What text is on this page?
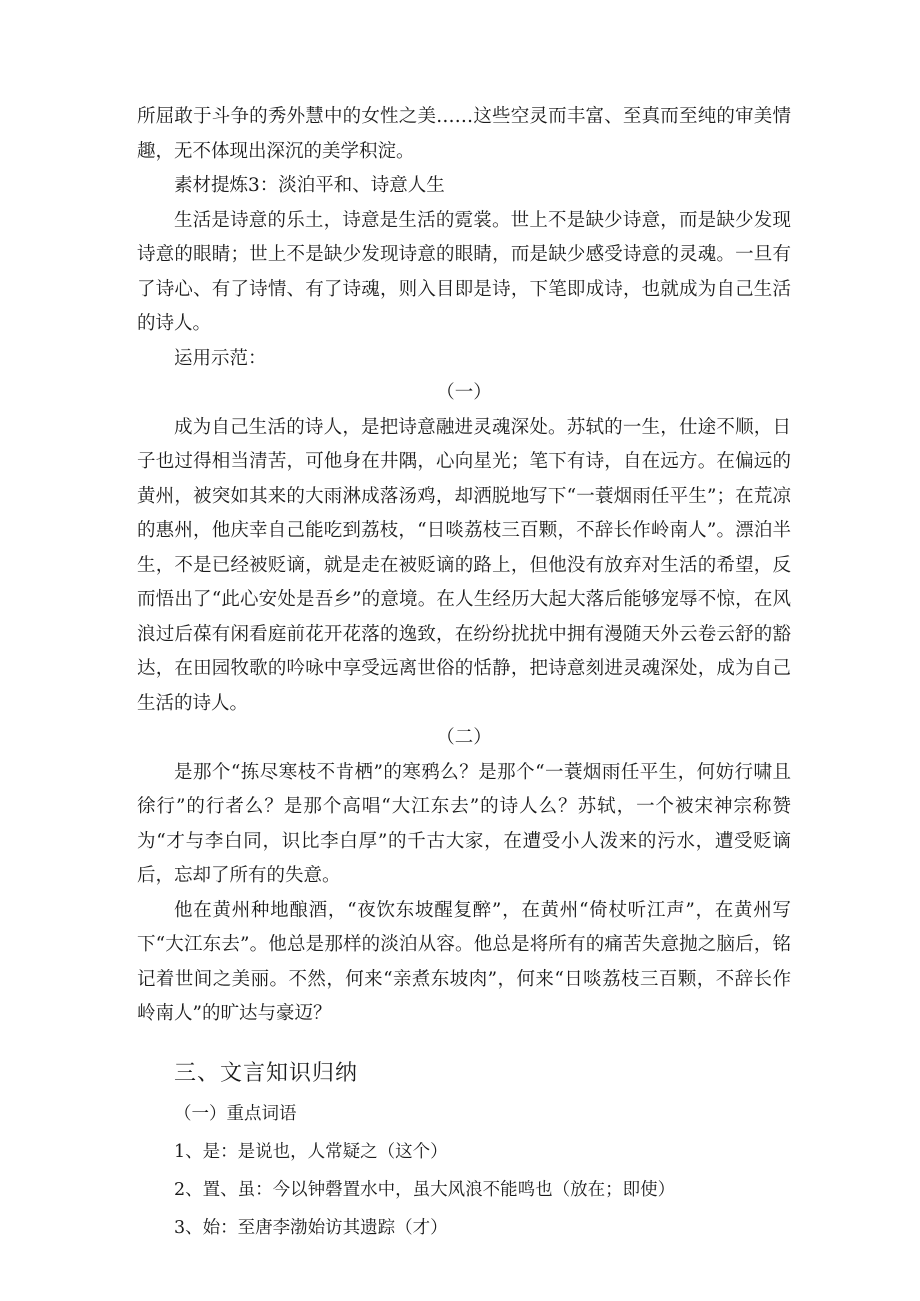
所屈敢于斗争的秀外慧中的女性之美……这些空灵而丰富、至真而至纯的审美情趣，无不体现出深沉的美学积淀。

素材提炼3：淡泊平和、诗意人生

生活是诗意的乐土，诗意是生活的霓裳。世上不是缺少诗意，而是缺少发现诗意的眼睛；世上不是缺少发现诗意的眼睛，而是缺少感受诗意的灵魂。一旦有了诗心、有了诗情、有了诗魂，则入目即是诗，下笔即成诗，也就成为自己生活的诗人。

运用示范：

（一）

成为自己生活的诗人，是把诗意融进灵魂深处。苏轼的一生，仕途不顺，日子也过得相当清苦，可他身在井隅，心向星光；笔下有诗，自在远方。在偏远的黄州，被突如其来的大雨淋成落汤鸡，却洒脱地写下“一蓑烟雨任平生”；在荒凉的惠州，他庆幸自己能吃到荔枝，“日啖荔枝三百颗，不辞长作岭南人”。漂泊半生，不是已经被贬谪，就是走在被贬谪的路上，但他没有放弃对生活的希望，反而悟出了“此心安处是吾乡”的意境。在人生经历大起大落后能够宠辱不惊，在风浪过后葆有闲看庭前花开花落的逸致，在纷纷扰扰中拥有漫随天外云卷云舒的豁达，在田园牧歌的吟咏中享受远离世俗的恬静，把诗意刻进灵魂深处，成为自己生活的诗人。

（二）

是那个“拣尽寒枝不肯栖”的寒鸦么？是那个“一蓑烟雨任平生，何妨行啸且徐行”的行者么？是那个高唱“大江东去”的诗人么？苏轼，一个被宋神宗称赞为“才与李白同，识比李白厚”的千古大家，在遭受小人泼来的污水，遭受贬谪后，忘却了所有的失意。

他在黄州种地酿酒，“夜饮东坡醒复醉”，在黄州“倚杖听江声”，在黄州写下“大江东去”。他总是那样的淡泊从容。他总是将所有的痛苦失意抛之脑后，铭记着世间之美丽。不然，何来“亲煮东坡肉”，何来“日啖荔枝三百颗，不辞长作岭南人”的旷达与豪迈？

三、文言知识归纳

（一）重点词语

1、是：是说也，人常疑之（这个）

2、置、虽：今以钟磬置水中，虽大风浪不能鸣也（放在；即使）

3、始：至唐李渤始访其遗踪（才）
